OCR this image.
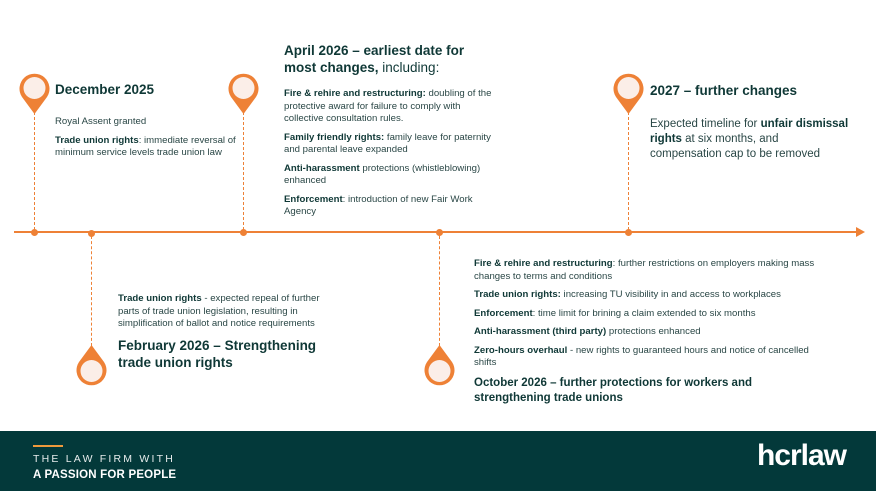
December 2025

Royal Assent granted

Trade union rights: immediate reversal of minimum service levels trade union law

April 2026 – earliest date for most changes, including:

Fire & rehire and restructuring: doubling of the protective award for failure to comply with collective consultation rules.

Family friendly rights: family leave for paternity and parental leave expanded

Anti-harassment protections (whistleblowing) enhanced

Enforcement: introduction of new Fair Work Agency

2027 – further changes
Expected timeline for unfair dismissal rights at six months, and compensation cap to be removed

Trade union rights - expected repeal of further parts of trade union legislation, resulting in simplification of ballot and notice requirements

February 2026 – Strengthening trade union rights

Fire & rehire and restructuring: further restrictions on employers making mass changes to terms and conditions

Trade union rights: increasing TU visibility in and access to workplaces

Enforcement: time limit for brining a claim extended to six months

Anti-harassment (third party) protections enhanced

Zero-hours overhaul - new rights to guaranteed hours and notice of cancelled shifts

October 2026 – further protections for workers and strengthening trade unions
THE LAW FIRM WITH
A PASSION FOR PEOPLE
hcrlaw
